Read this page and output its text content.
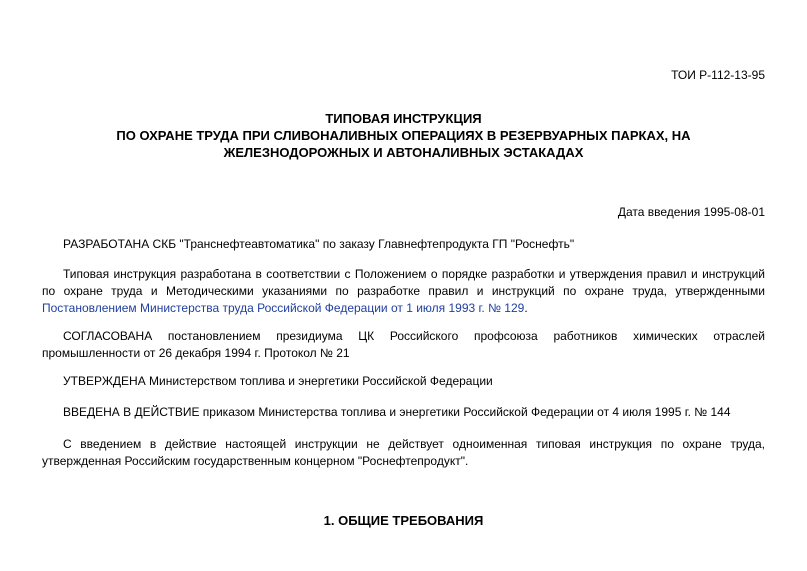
ТОИ Р-112-13-95
ТИПОВАЯ ИНСТРУКЦИЯ
ПО ОХРАНЕ ТРУДА ПРИ СЛИВОНАЛИВНЫХ ОПЕРАЦИЯХ В РЕЗЕРВУАРНЫХ ПАРКАХ, НА
ЖЕЛЕЗНОДОРОЖНЫХ И АВТОНАЛИВНЫХ ЭСТАКАДАХ
Дата введения 1995-08-01
РАЗРАБОТАНА СКБ "Транснефтеавтоматика" по заказу Главнефтепродукта ГП "Роснефть"
Типовая инструкция разработана в соответствии с Положением о порядке разработки и утверждения правил и инструкций по охране труда и Методическими указаниями по разработке правил и инструкций по охране труда, утвержденными Постановлением Министерства труда Российской Федерации от 1 июля 1993 г. № 129.
СОГЛАСОВАНА постановлением президиума ЦК Российского профсоюза работников химических отраслей промышленности от 26 декабря 1994 г. Протокол № 21
УТВЕРЖДЕНА Министерством топлива и энергетики Российской Федерации
ВВЕДЕНА В ДЕЙСТВИЕ приказом Министерства топлива и энергетики Российской Федерации от 4 июля 1995 г. № 144
С введением в действие настоящей инструкции не действует одноименная типовая инструкция по охране труда, утвержденная Российским государственным концерном "Роснефтепродукт".
1. ОБЩИЕ ТРЕБОВАНИЯ
